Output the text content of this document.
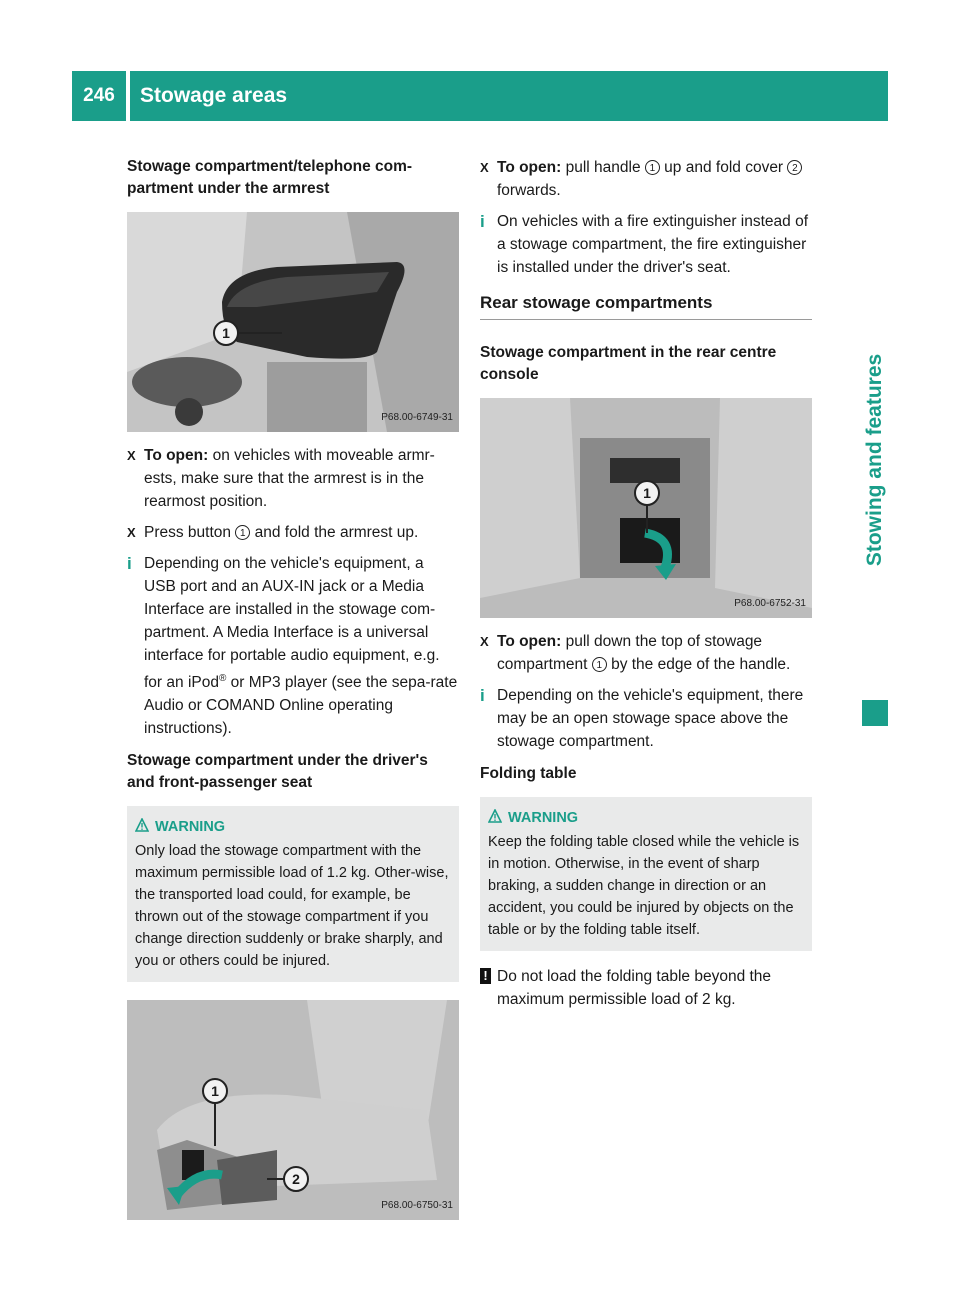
246	Stowage areas
Stowing and features
Stowage compartment/telephone com-partment under the armrest
1
P68.00-6749-31
X To open: on vehicles with moveable armr-ests, make sure that the armrest is in the rearmost position.
X Press button 1 and fold the armrest up.
i Depending on the vehicle's equipment, a USB port and an AUX-IN jack or a Media Interface are installed in the stowage com-partment. A Media Interface is a universal interface for portable audio equipment, e.g. for an iPod® or MP3 player (see the sepa-rate Audio or COMAND Online operating instructions).
Stowage compartment under the driver's and front-passenger seat
WARNING
Only load the stowage compartment with the maximum permissible load of 1.2 kg. Other-wise, the transported load could, for example, be thrown out of the stowage compartment if you change direction suddenly or brake sharply, and you or others could be injured.
1
2
P68.00-6750-31
X To open: pull handle 1 up and fold cover 2 forwards.
i On vehicles with a fire extinguisher instead of a stowage compartment, the fire extinguisher is installed under the driver's seat.
Rear stowage compartments
Stowage compartment in the rear centre console
1
P68.00-6752-31
X To open: pull down the top of stowage compartment 1 by the edge of the handle.
i Depending on the vehicle's equipment, there may be an open stowage space above the stowage compartment.
Folding table
WARNING
Keep the folding table closed while the vehicle is in motion. Otherwise, in the event of sharp braking, a sudden change in direction or an accident, you could be injured by objects on the table or by the folding table itself.
! Do not load the folding table beyond the maximum permissible load of 2 kg.
